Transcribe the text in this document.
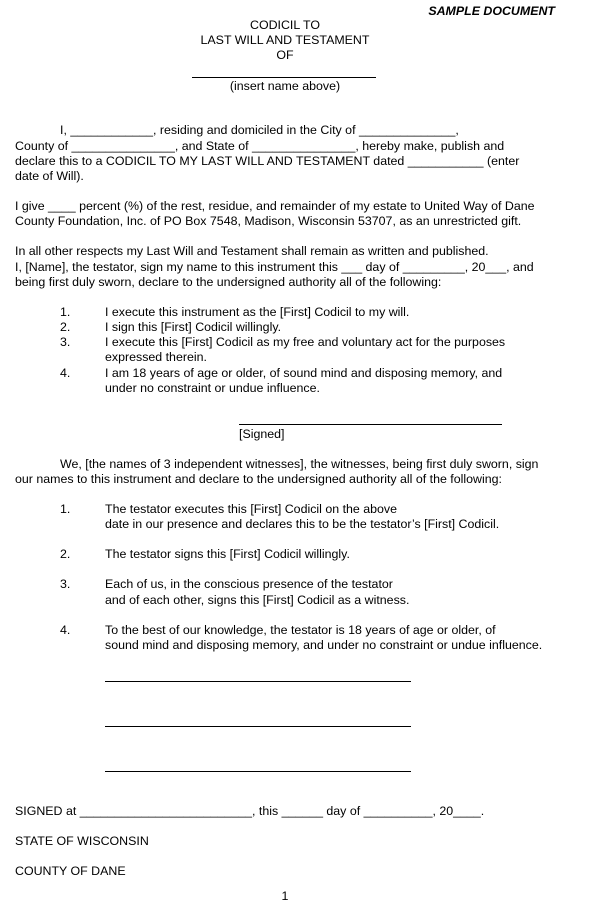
SAMPLE DOCUMENT
CODICIL TO
LAST WILL AND TESTAMENT
OF
(insert name above)
I, ____________, residing and domiciled in the City of ______________,
County of _______________, and State of _______________, hereby make, publish and
declare this to a CODICIL TO MY LAST WILL AND TESTAMENT dated ___________ (enter
date of Will).
I give ____ percent (%) of the rest, residue, and remainder of my estate to United Way of Dane
County Foundation, Inc. of PO Box 7548, Madison, Wisconsin 53707, as an unrestricted gift.
In all other respects my Last Will and Testament shall remain as written and published.
I, [Name], the testator, sign my name to this instrument this ___ day of _________, 20___, and
being first duly sworn, declare to the undersigned authority all of the following:
1.	I execute this instrument as the [First] Codicil to my will.
2.	I sign this [First] Codicil willingly.
3.	I execute this [First] Codicil as my free and voluntary act for the purposes
expressed therein.
4.	I am 18 years of age or older, of sound mind and disposing memory, and
under no constraint or undue influence.
[Signed]
We, [the names of 3 independent witnesses], the witnesses, being first duly sworn, sign
our names to this instrument and declare to the undersigned authority all of the following:
1.	The testator executes this [First] Codicil on the above
date in our presence and declares this to be the testator’s [First] Codicil.
2.	The testator signs this [First] Codicil willingly.
3.	Each of us, in the conscious presence of the testator
and of each other, signs this [First] Codicil as a witness.
4.	To the best of our knowledge, the testator is 18 years of age or older, of
sound mind and disposing memory, and under no constraint or undue influence.
SIGNED at _________________________, this ______ day of __________, 20____.
STATE OF WISCONSIN
COUNTY OF DANE
1
